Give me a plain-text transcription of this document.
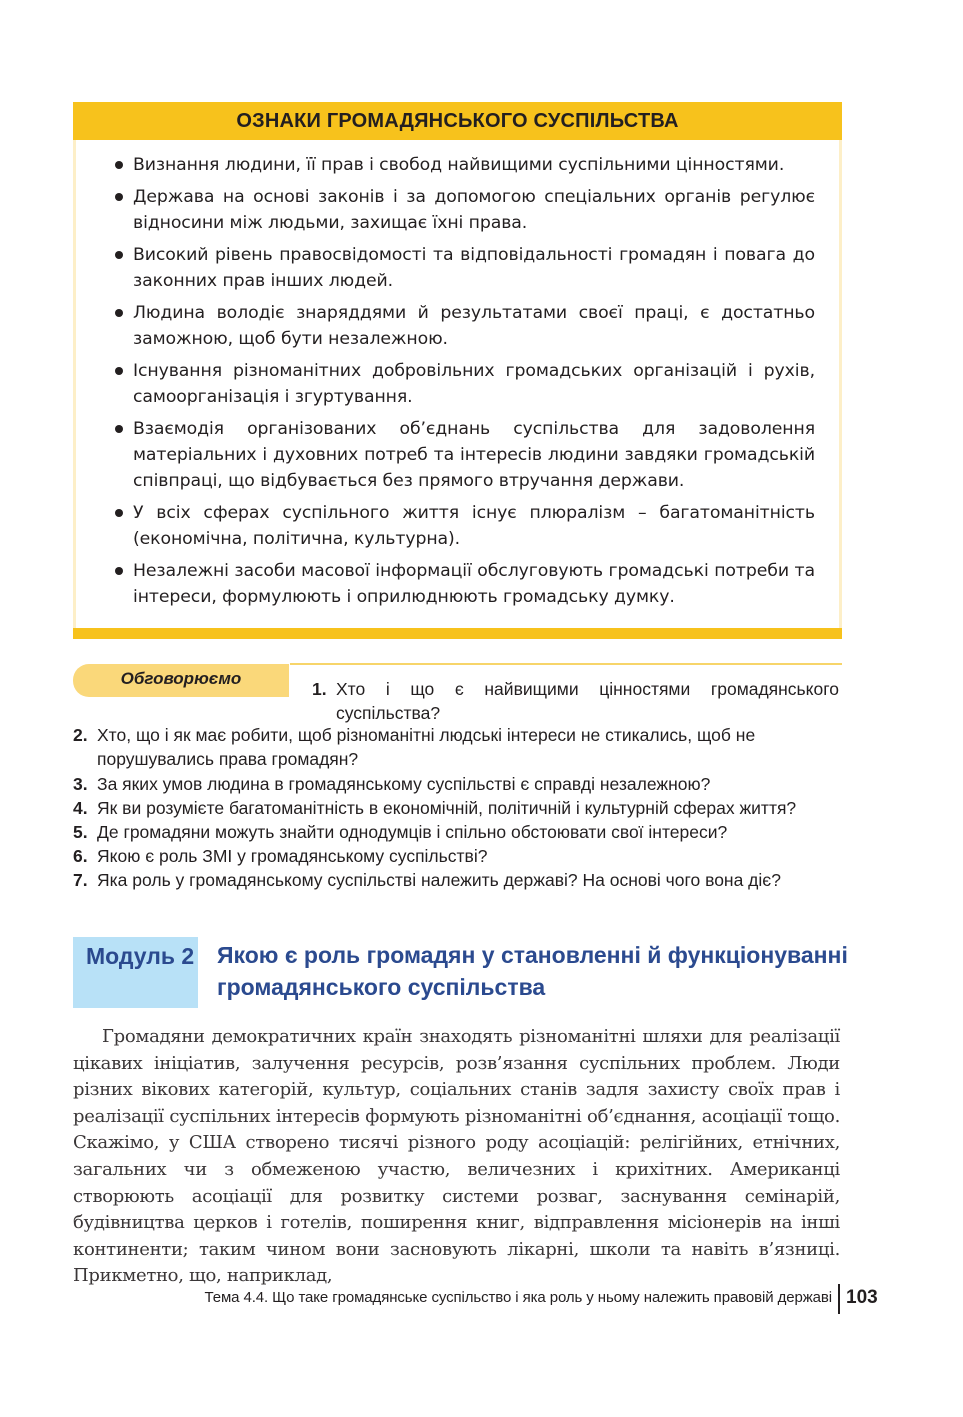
ОЗНАКИ ГРОМАДЯНСЬКОГО СУСПІЛЬСТВА
Визнання людини, її прав і свобод найвищими суспільними цінностями.
Держава на основі законів і за допомогою спеціальних органів регулює відносини між людьми, захищає їхні права.
Високий рівень правосвідомості та відповідальності громадян і повага до законних прав інших людей.
Людина володіє знаряддями й результатами своєї праці, є достатньо заможною, щоб бути незалежною.
Існування різноманітних добровільних громадських організацій і рухів, самоорганізація і згуртування.
Взаємодія організованих об’єднань суспільства для задоволення матеріальних і духовних потреб та інтересів людини завдяки громадській співпраці, що відбувається без прямого втручання держави.
У всіх сферах суспільного життя існує плюралізм – багатоманітність (економічна, політична, культурна).
Незалежні засоби масової інформації обслуговують громадські потреби та інтереси, формулюють і оприлюднюють громадську думку.
Обговорюємо
1. Хто і що є найвищими цінностями громадянського суспільства?
2. Хто, що і як має робити, щоб різноманітні людські інтереси не стикались, щоб не порушувались права громадян?
3. За яких умов людина в громадянському суспільстві є справді незалежною?
4. Як ви розумієте багатоманітність в економічній, політичній і культурній сферах життя?
5. Де громадяни можуть знайти однодумців і спільно обстоювати свої інтереси?
6. Якою є роль ЗМІ у громадянському суспільстві?
7. Яка роль у громадянському суспільстві належить державі? На основі чого вона діє?
Модуль 2 Якою є роль громадян у становленні й функціонуванні громадянського суспільства

Громадяни демократичних країн знаходять різноманітні шляхи для реалізації цікавих ініціатив, залучення ресурсів, розв’язання суспільних проблем. Люди різних вікових категорій, культур, соціальних станів задля захисту своїх прав і реалізації суспільних інтересів формують різноманітні об’єднання, асоціації тощо. Скажімо, у США створено тисячі різного роду асоціацій: релігійних, етнічних, загальних чи з обмеженою участю, величезних і крихітних. Американці створюють асоціації для розвитку системи розваг, заснування семінарій, будівництва церков і готелів, поширення книг, відправлення місіонерів на інші континенти; таким чином вони засновують лікарні, школи та навіть в’язниці. Прикметно, що, наприклад,

Тема 4.4. Що таке громадянське суспільство і яка роль у ньому належить правовій державі 103
